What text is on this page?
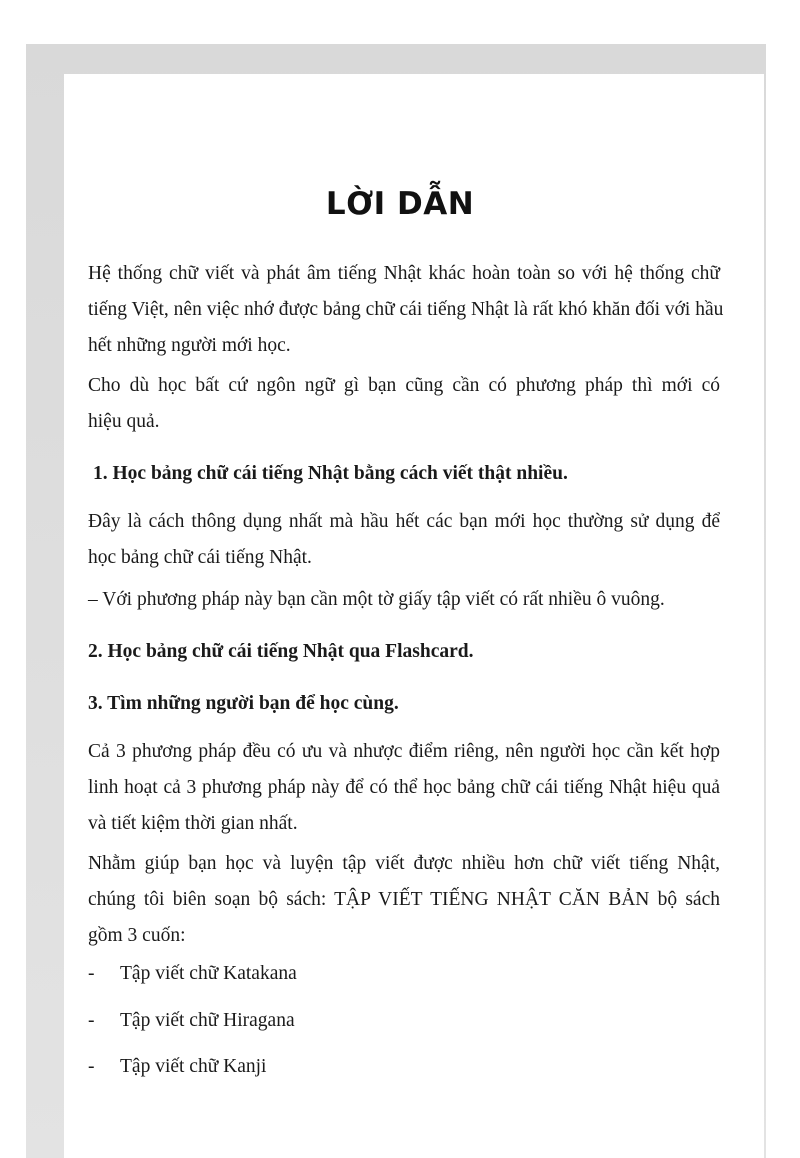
LỜI DẪN
Hệ thống chữ viết và phát âm tiếng Nhật khác hoàn toàn so với hệ thống chữ
tiếng Việt, nên việc nhớ được bảng chữ cái tiếng Nhật là rất khó khăn đối với hầu
hết những người mới học.
Cho dù học bất cứ ngôn ngữ gì bạn cũng cần có phương pháp thì mới có
hiệu quả.
1. Học bảng chữ cái tiếng Nhật bằng cách viết thật nhiều.
Đây là cách thông dụng nhất mà hầu hết các bạn mới học thường sử dụng để
học bảng chữ cái tiếng Nhật.
– Với phương pháp này bạn cần một tờ giấy tập viết có rất nhiều ô vuông.
2. Học bảng chữ cái tiếng Nhật qua Flashcard.
3. Tìm những người bạn để học cùng.
Cả 3 phương pháp đều có ưu và nhược điểm riêng, nên người học cần kết hợp
linh hoạt cả 3 phương pháp này để có thể học bảng chữ cái tiếng Nhật hiệu quả
và tiết kiệm thời gian nhất.
Nhằm giúp bạn học và luyện tập viết được nhiều hơn chữ viết tiếng Nhật,
chúng tôi biên soạn bộ sách: TẬP VIẾT TIẾNG NHẬT CĂN BẢN bộ sách
gồm 3 cuốn:
- Tập viết chữ Katakana
- Tập viết chữ Hiragana
- Tập viết chữ Kanji
